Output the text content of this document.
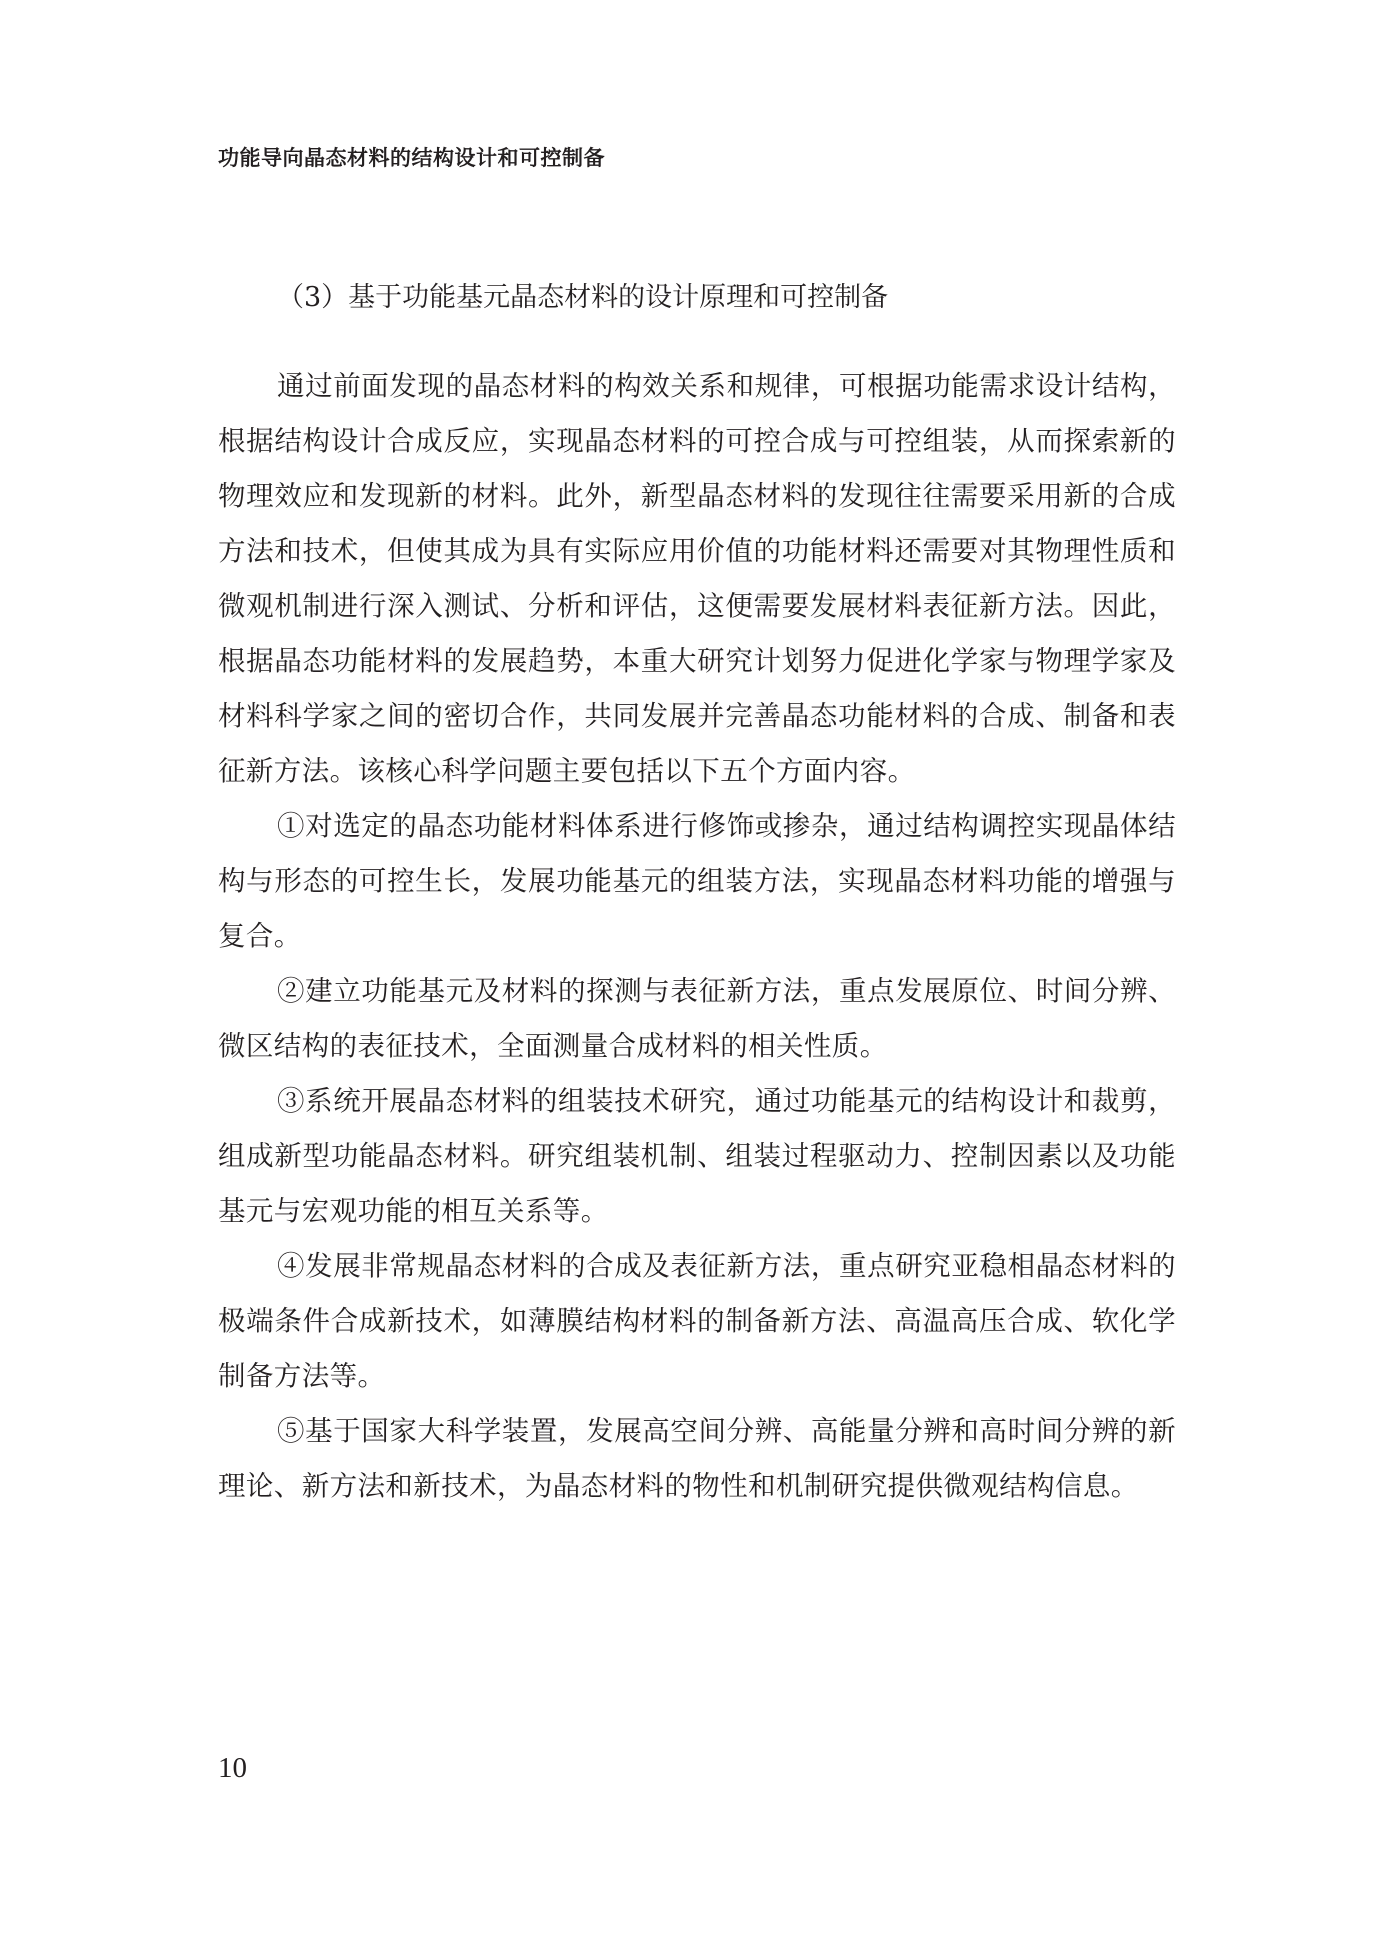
功能导向晶态材料的结构设计和可控制备
（3）基于功能基元晶态材料的设计原理和可控制备

通过前面发现的晶态材料的构效关系和规律，可根据功能需求设计结构，根据结构设计合成反应，实现晶态材料的可控合成与可控组装，从而探索新的物理效应和发现新的材料。此外，新型晶态材料的发现往往需要采用新的合成方法和技术，但使其成为具有实际应用价值的功能材料还需要对其物理性质和微观机制进行深入测试、分析和评估，这便需要发展材料表征新方法。因此，根据晶态功能材料的发展趋势，本重大研究计划努力促进化学家与物理学家及材料科学家之间的密切合作，共同发展并完善晶态功能材料的合成、制备和表征新方法。该核心科学问题主要包括以下五个方面内容。

①对选定的晶态功能材料体系进行修饰或掺杂，通过结构调控实现晶体结构与形态的可控生长，发展功能基元的组装方法，实现晶态材料功能的增强与复合。

②建立功能基元及材料的探测与表征新方法，重点发展原位、时间分辨、微区结构的表征技术，全面测量合成材料的相关性质。

③系统开展晶态材料的组装技术研究，通过功能基元的结构设计和裁剪，组成新型功能晶态材料。研究组装机制、组装过程驱动力、控制因素以及功能基元与宏观功能的相互关系等。

④发展非常规晶态材料的合成及表征新方法，重点研究亚稳相晶态材料的极端条件合成新技术，如薄膜结构材料的制备新方法、高温高压合成、软化学制备方法等。

⑤基于国家大科学装置，发展高空间分辨、高能量分辨和高时间分辨的新理论、新方法和新技术，为晶态材料的物性和机制研究提供微观结构信息。

10
